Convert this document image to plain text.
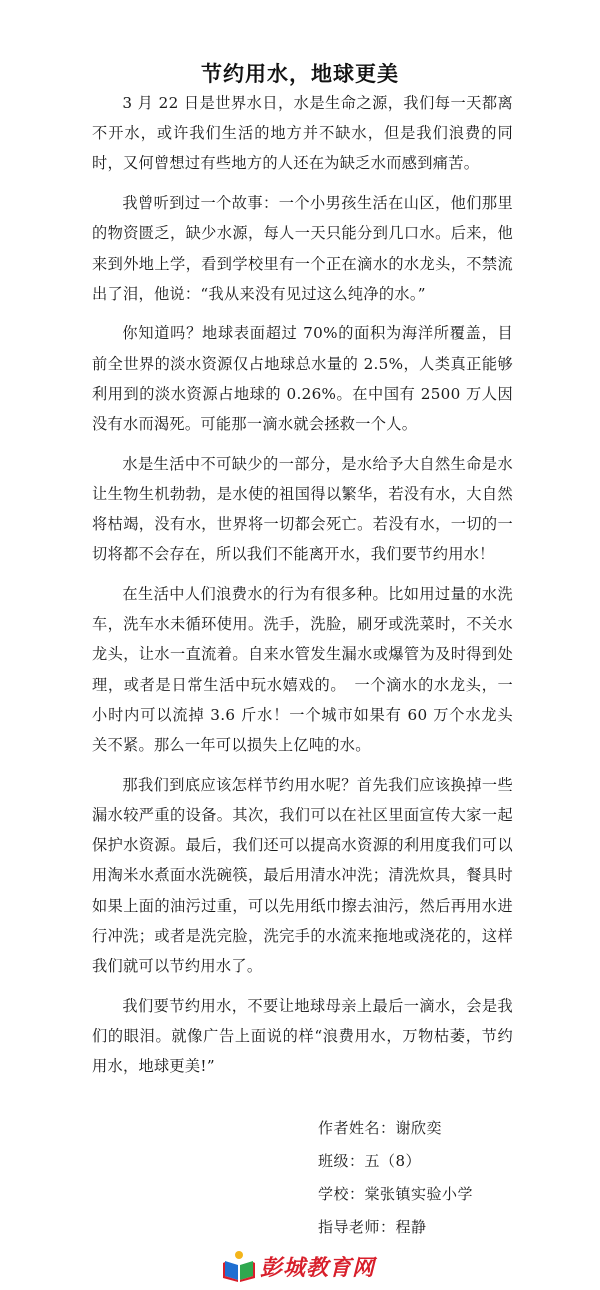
节约用水，地球更美

3 月 22 日是世界水日，水是生命之源，我们每一天都离不开水，或许我们生活的地方并不缺水，但是我们浪费的同时，又何曾想过有些地方的人还在为缺乏水而感到痛苦。

我曾听到过一个故事：一个小男孩生活在山区，他们那里的物资匮乏，缺少水源，每人一天只能分到几口水。后来，他来到外地上学，看到学校里有一个正在滴水的水龙头，不禁流出了泪，他说：“我从来没有见过这么纯净的水。”

你知道吗？地球表面超过 70%的面积为海洋所覆盖，目前全世界的淡水资源仅占地球总水量的 2.5%，人类真正能够利用到的淡水资源占地球的 0.26%。在中国有 2500 万人因没有水而渴死。可能那一滴水就会拯救一个人。

水是生活中不可缺少的一部分，是水给予大自然生命是水让生物生机勃勃，是水使的祖国得以繁华，若没有水，大自然将枯竭，没有水，世界将一切都会死亡。若没有水，一切的一切将都不会存在，所以我们不能离开水，我们要节约用水！

在生活中人们浪费水的行为有很多种。比如用过量的水洗车，洗车水未循环使用。洗手，洗脸，刷牙或洗菜时，不关水龙头，让水一直流着。自来水管发生漏水或爆管为及时得到处理，或者是日常生活中玩水嬉戏的。　一个滴水的水龙头，一小时内可以流掉 3.6 斤水！一个城市如果有 60 万个水龙头关不紧。那么一年可以损失上亿吨的水。

那我们到底应该怎样节约用水呢？首先我们应该换掉一些漏水较严重的设备。其次，我们可以在社区里面宣传大家一起保护水资源。最后，我们还可以提高水资源的利用度我们可以用淘米水煮面水洗碗筷，最后用清水冲洗；清洗炊具，餐具时如果上面的油污过重，可以先用纸巾擦去油污，然后再用水进行冲洗；或者是洗完脸，洗完手的水流来拖地或浇花的，这样我们就可以节约用水了。

我们要节约用水，不要让地球母亲上最后一滴水，会是我们的眼泪。就像广告上面说的样“浪费用水，万物枯萎，节约用水，地球更美!”

作者姓名：谢欣奕
班级：五（8）
学校：棠张镇实验小学
指导老师：程静
彭城教育网
